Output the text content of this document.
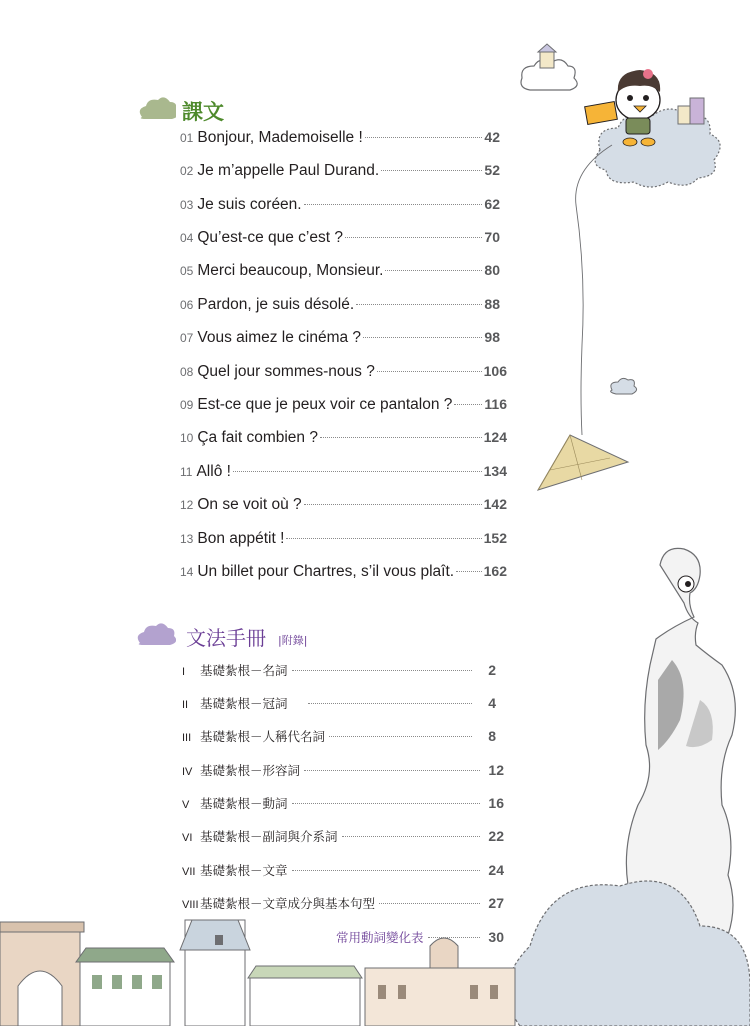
課文
01 Bonjour, Mademoiselle !	42
02 Je m’appelle Paul Durand.	52
03 Je suis coréen.	62
04 Qu’est-ce que c’est ?	70
05 Merci beaucoup, Monsieur.	80
06 Pardon, je suis désolé.	88
07 Vous aimez le cinéma ?	98
08 Quel jour sommes-nous ?	106
09 Est-ce que je peux voir ce pantalon ? 116
10 Ça fait combien ?	124
11 Allô !	134
12 On se voit où ?	142
13 Bon appétit !	152
14 Un billet pour Chartres, s’il vous plaît. 162
文法手冊 |附錄|
I	基礎紮根－名詞	2
II 基礎紮根－冠詞	4
III 基礎紮根－人稱代名詞	8
IV 基礎紮根－形容詞	12
V 基礎紮根－動詞	16
VI 基礎紮根－副詞與介系詞	22
VII 基礎紮根－文章	24
VIII 基礎紮根－文章成分與基本句型	27
常用動詞變化表	30
